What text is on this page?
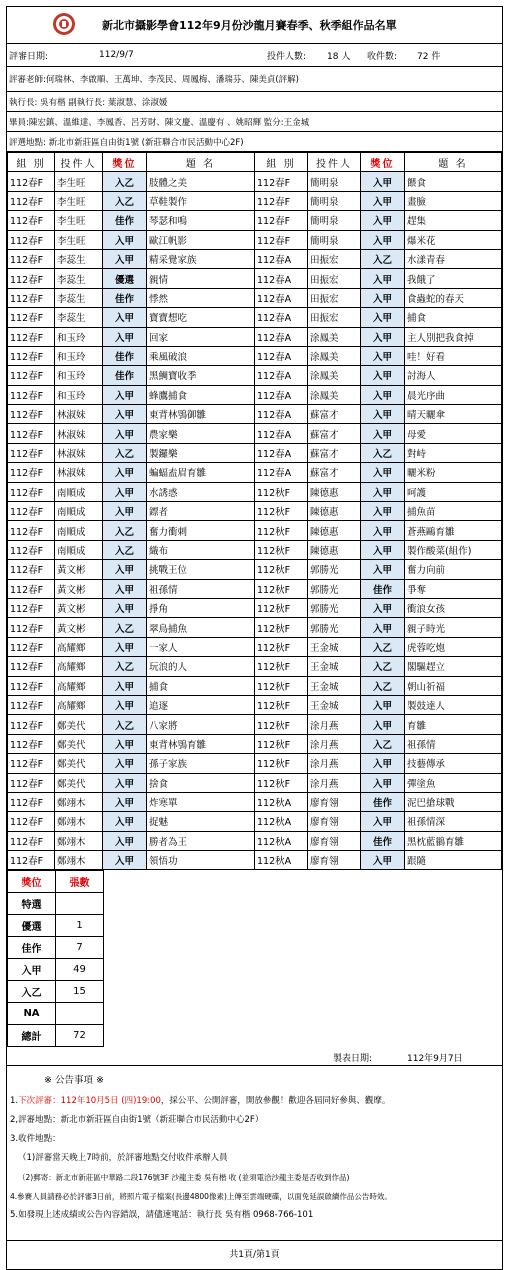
新北市攝影學會112年9月份沙龍月賽春季、秋季組作品名單
評審日期:	112/9/7	投件人數:	18 人	收件數:	72 件
評審老師:何瑞林、李啟順、王萬坤、李茂民、周鳳梅、潘瑞芬、陳美貞(評解)
執行長: 吳有楷 副執行長: 葉淑慧、涂淑媛
畢員:陳宏鎮、溫維達、李鳳香、呂芳財、陳文慶、溫慶有 、姚昭輝 監分:王金城
評選地點: 新北市新莊區自由街1號 (新莊聯合市民活動中心2F)
組 別	投件人	獎位	題 名	組 別	投件人	獎位	題 名
112春F	李生旺	入乙	肢體之美	112春F	簡明泉	入甲	餵食
112春F	李生旺	入乙	草鞋製作	112春F	簡明泉	入甲	畫臉
112春F	李生旺	佳作	琴瑟和鳴	112春F	簡明泉	入甲	趕集
112春F	李生旺	入甲	歐江帆影	112春F	簡明泉	入甲	爆米花
112春F	李蕊生	入甲	精采覺家族	112春A	田振宏	入乙	水漾青春
112春F	李蕊生	優選	親情	112春A	田振宏	入甲	我餓了
112春F	李蕊生	佳作	悸然	112春A	田振宏	入甲	食蟲蛇的春天
112春F	李蕊生	入甲	寶寶想吃	112春A	田振宏	入甲	捕食
112春F	和玉玲	入甲	回家	112春A	涂鳳美	入甲	主人別把我食掉
112春F	和玉玲	佳作	乘風破浪	112春A	涂鳳美	入甲	哇！好看
112春F	和玉玲	佳作	黑鯛寶收季	112春A	涂鳳美	入甲	討海人
112春F	和玉玲	入甲	蜂鷹捕食	112春A	涂鳳美	入甲	晨光序曲
112春F	林淑妹	入甲	東背林鴞御雛	112春A	蘇富才	入甲	晴天曬傘
112春F	林淑妹	入甲	農家樂	112春A	蘇富才	入甲	母愛
112春F	林淑妹	入乙	製鑼樂	112春A	蘇富才	入乙	對峙
112春F	林淑妹	入甲	蝙蝠盍眉育雛	112春A	蘇富才	入甲	曬米粉
112春F	南順成	入甲	水誘惑	112秋F	陳德惠	入甲	呵護
112春F	南順成	入甲	鏢者	112秋F	陳德惠	入甲	捕魚苗
112春F	南順成	入乙	奮力衝刺	112秋F	陳德惠	入甲	蒼燕鷗育雛
112春F	南順成	入乙	織布	112秋F	陳德惠	入甲	製作酸菜(組作)
112春F	黃文彬	入甲	挑戰王位	112秋F	郭勝光	入甲	奮力向前
112春F	黃文彬	入甲	祖孫情	112秋F	郭勝光	佳作	爭奪
112春F	黃文彬	入甲	掙角	112秋F	郭勝光	入甲	衝浪女孩
112春F	黃文彬	入乙	翠鳥捕魚	112秋F	郭勝光	入甲	親子時光
112春F	高耀鄉	入甲	一家人	112秋F	王金城	入乙	虎蓉吃炮
112春F	高耀鄉	入乙	玩浪的人	112秋F	王金城	入乙	閣驅趕立
112春F	高耀鄉	入甲	捕食	112秋F	王金城	入乙	朝山祈福
112春F	高耀鄉	入甲	追逐	112秋F	王金城	入甲	製鼓達人
112春F	鄭美代	入乙	八家將	112秋F	涂月燕	入甲	育雛
112春F	鄭美代	入甲	東背林鴞育雛	112秋F	涂月燕	入乙	祖孫情
112春F	鄭美代	入甲	孫子家族	112秋F	涂月燕	入甲	技藝傳承
112春F	鄭美代	入甲	捨食	112秋F	涂月燕	入甲	彈塗魚
112春F	鄭翊木	入甲	炸寒單	112秋A	廖育翎	佳作	泥巴搶球戰
112春F	鄭翊木	入甲	捉魅	112秋A	廖育翎	入甲	祖孫情深
112春F	鄭翊木	入甲	勝者為王	112秋A	廖育翎	佳作	黑枕藍鶲育雛
112春F	鄭翊木	入甲	領悟功	112秋A	廖育翎	入甲	跟隨
獎位	張數
特選	
優選	1
佳作	7
入甲	49
入乙	15
NA	
總計	72
製表日期:	112年9月7日
※ 公告事項 ※
1.下次評審：112年10月5日 (四)19:00，採公平、公開評審，開放參觀！歡迎各屆同好參與、觀摩。
2,評審地點：新北市新莊區自由街1號（新莊聯合市民活動中心2F）
3.收件地點：
（1)評審當天晚上7時前，於評審地點交付收件承辦人員
（2)郵寄：新北市新莊區中華路二段176號3F 沙龍主委 吳有楷 收 (並須電洽沙龍主委是否收到作品)
4.參賽人員請務必於評審3日前，將照片電子檔案(長邊4800像素)上傳至雲端硬碟，以面免延誤啟續作品公告時效。
5.如發現上述成績或公告內容錯誤，請儘速電話：執行長 吳有楷 0968-766-101
共1頁/第1頁
